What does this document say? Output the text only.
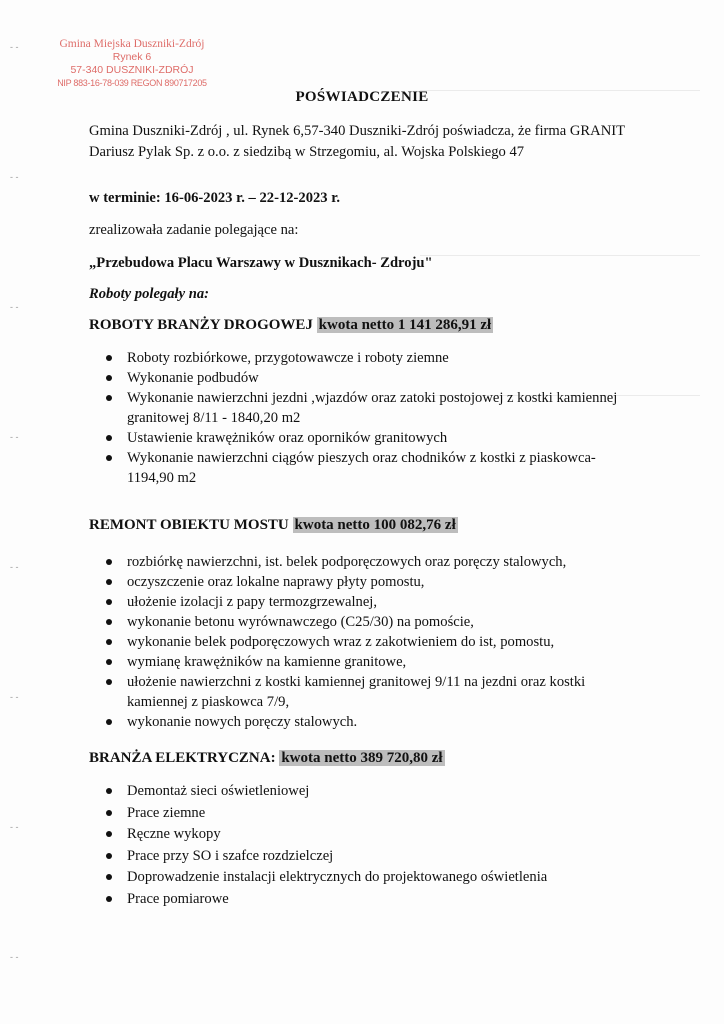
- -
- -
- -
- -
- -
- -
- -
- -
Gmina Miejska Duszniki-Zdrój
Rynek 6
57-340 DUSZNIKI-ZDRÓJ
NIP 883-16-78-039 REGON 890717205
POŚWIADCZENIE
Gmina Duszniki-Zdrój , ul. Rynek 6,57-340 Duszniki-Zdrój poświadcza, że firma GRANIT Dariusz Pylak Sp. z o.o. z siedzibą w Strzegomiu, al. Wojska Polskiego 47
w terminie: 16-06-2023 r. – 22-12-2023 r.
zrealizowała zadanie polegające na:
„Przebudowa Placu Warszawy w Dusznikach- Zdroju"
Roboty polegały na:
ROBOTY BRANŻY DROGOWEJ kwota netto 1 141 286,91 zł
Roboty rozbiórkowe, przygotowawcze i roboty ziemne
Wykonanie podbudów
Wykonanie nawierzchni jezdni ,wjazdów oraz zatoki postojowej z kostki kamiennej granitowej 8/11 - 1840,20 m2
Ustawienie krawężników oraz oporników granitowych
Wykonanie nawierzchni ciągów pieszych oraz chodników z kostki z piaskowca- 1194,90 m2
REMONT OBIEKTU MOSTU kwota netto 100 082,76 zł
rozbiórkę nawierzchni, ist. belek podporęczowych oraz poręczy stalowych,
oczyszczenie oraz lokalne naprawy płyty pomostu,
ułożenie izolacji z papy termozgrzewalnej,
wykonanie betonu wyrównawczego (C25/30) na pomoście,
wykonanie belek podporęczowych wraz z zakotwieniem do ist, pomostu,
wymianę krawężników na kamienne granitowe,
ułożenie nawierzchni z kostki kamiennej granitowej 9/11 na jezdni oraz kostki kamiennej z piaskowca 7/9,
wykonanie nowych poręczy stalowych.
BRANŻA ELEKTRYCZNA: kwota netto 389 720,80 zł
Demontaż sieci oświetleniowej
Prace ziemne
Ręczne wykopy
Prace przy SO i szafce rozdzielczej
Doprowadzenie instalacji elektrycznych do projektowanego oświetlenia
Prace pomiarowe
